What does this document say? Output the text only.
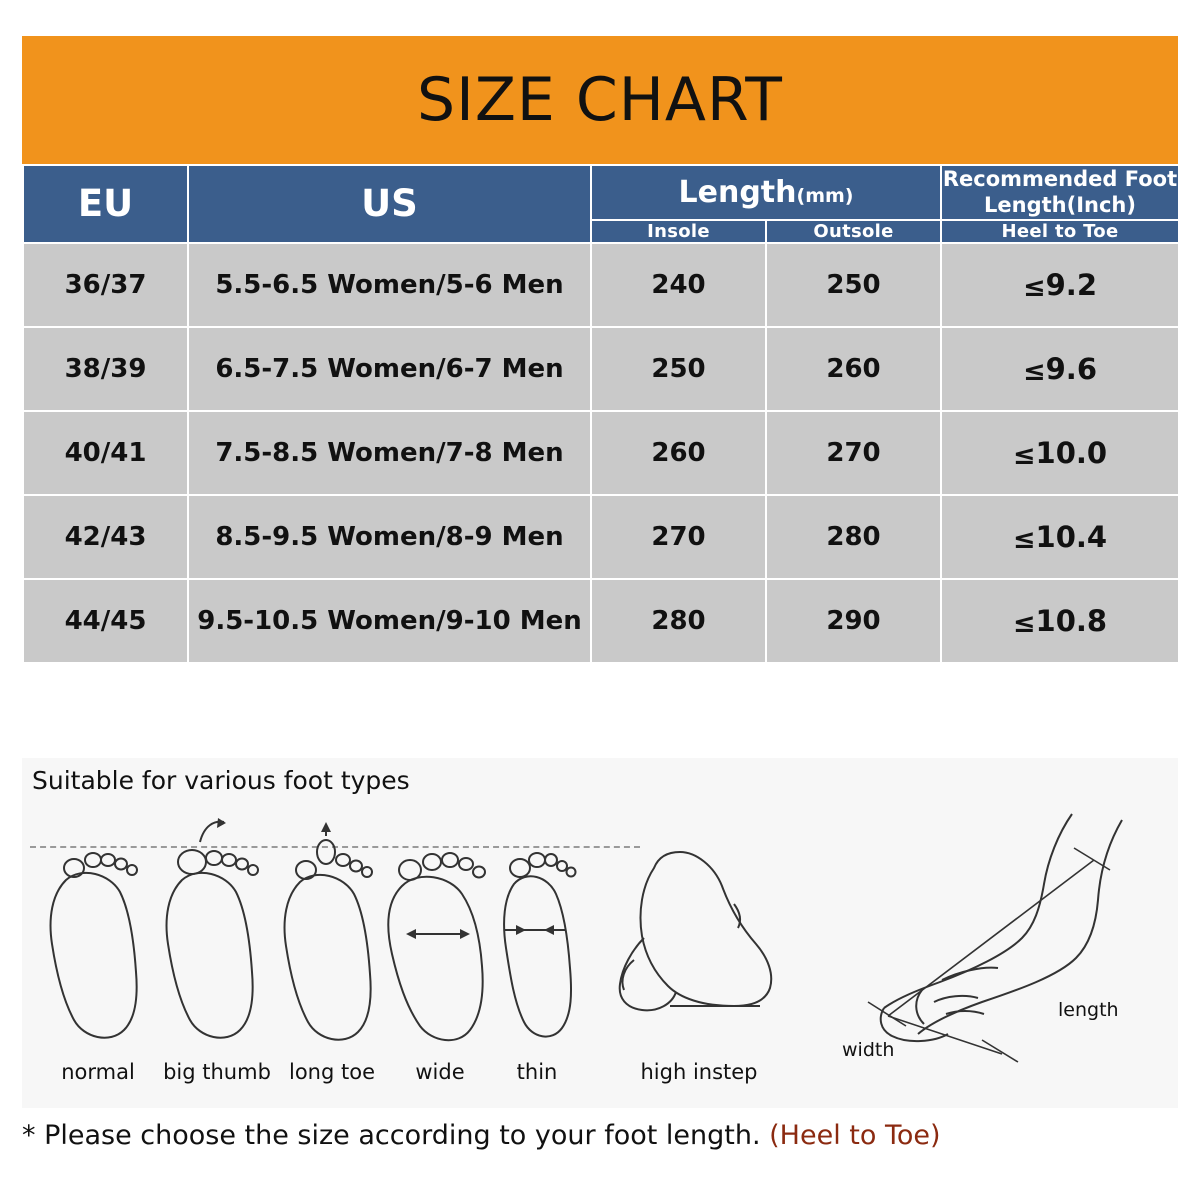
SIZE CHART
EU	US	Length(mm)		Recommended Foot Length(Inch)
		Insole	Outsole	Heel to Toe
36/37	5.5-6.5 Women/5-6 Men	240	250	≤9.2
38/39	6.5-7.5 Women/6-7 Men	250	260	≤9.6
40/41	7.5-8.5 Women/7-8 Men	260	270	≤10.0
42/43	8.5-9.5 Women/8-9 Men	270	280	≤10.4
44/45	9.5-10.5 Women/9-10 Men	280	290	≤10.8
Suitable for various foot types
normal	big thumb long toe	wide	thin	high instep
length
width
* Please choose the size according to your foot length. (Heel to Toe)
